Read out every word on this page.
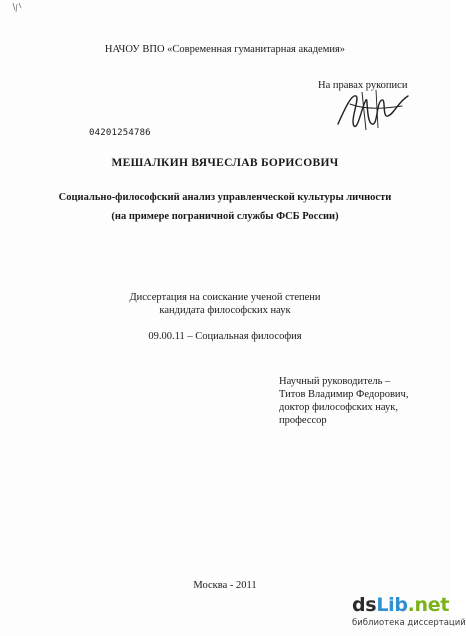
НАЧОУ ВПО «Современная гуманитарная академия»
На правах рукописи
04201254786
МЕШАЛКИН ВЯЧЕСЛАВ БОРИСОВИЧ
Социально-философский анализ управленческой культуры личности
(на примере пограничной службы ФСБ России)
Диссертация на соискание ученой степени
кандидата философских наук
09.00.11 – Социальная философия
Научный руководитель –
Титов Владимир Федорович,
доктор философских наук,
профессор
Москва - 2011
dsLib.net
библиотека диссертаций
